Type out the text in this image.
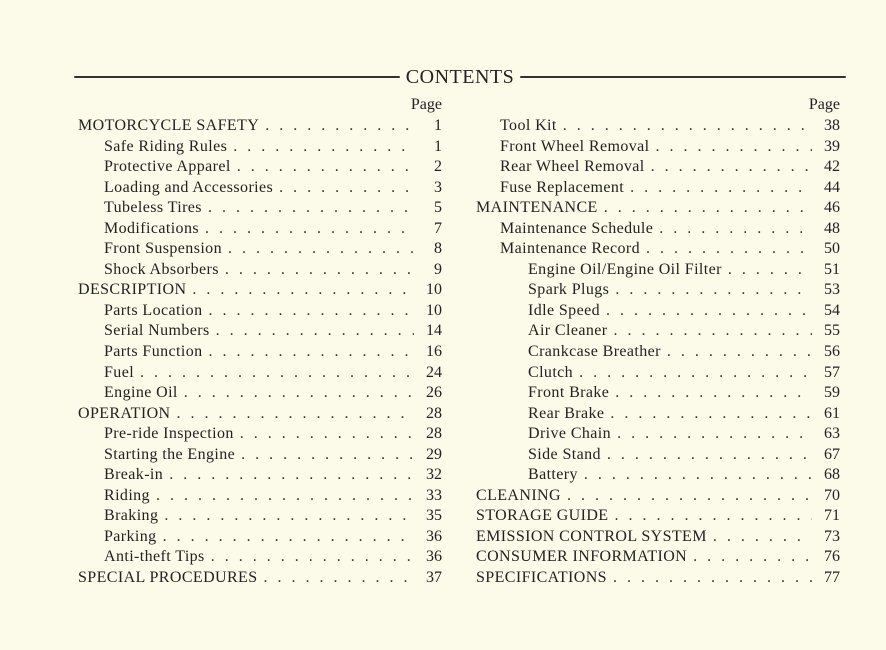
CONTENTS
Page
MOTORCYCLE SAFETY . . .	1
Safe Riding Rules . . .	1
Protective Apparel . . .	2
Loading and Accessories . . .	3
Tubeless Tires . . .	5
Modifications . . .	7
Front Suspension . . .	8
Shock Absorbers . . .	9
DESCRIPTION . . .	10
Parts Location . . .	10
Serial Numbers . . .	14
Parts Function . . .	16
Fuel . . .	24
Engine Oil . . .	26
OPERATION . . .	28
Pre-ride Inspection . . .	28
Starting the Engine . . .	29
Break-in . . .	32
Riding . . .	33
Braking . . .	35
Parking . . .	36
Anti-theft Tips . . .	36
SPECIAL PROCEDURES . . .	37
Page
Tool Kit . . .	38
Front Wheel Removal . . .	39
Rear Wheel Removal . . .	42
Fuse Replacement . . .	44
MAINTENANCE . . .	46
Maintenance Schedule . . .	48
Maintenance Record . . .	50
Engine Oil/Engine Oil Filter . . .	51
Spark Plugs . . .	53
Idle Speed . . .	54
Air Cleaner . . .	55
Crankcase Breather . . .	56
Clutch . . .	57
Front Brake . . .	59
Rear Brake . . .	61
Drive Chain . . .	63
Side Stand . . .	67
Battery . . .	68
CLEANING . . .	70
STORAGE GUIDE . . .	71
EMISSION CONTROL SYSTEM . . .	73
CONSUMER INFORMATION . . .	76
SPECIFICATIONS . . .	77
